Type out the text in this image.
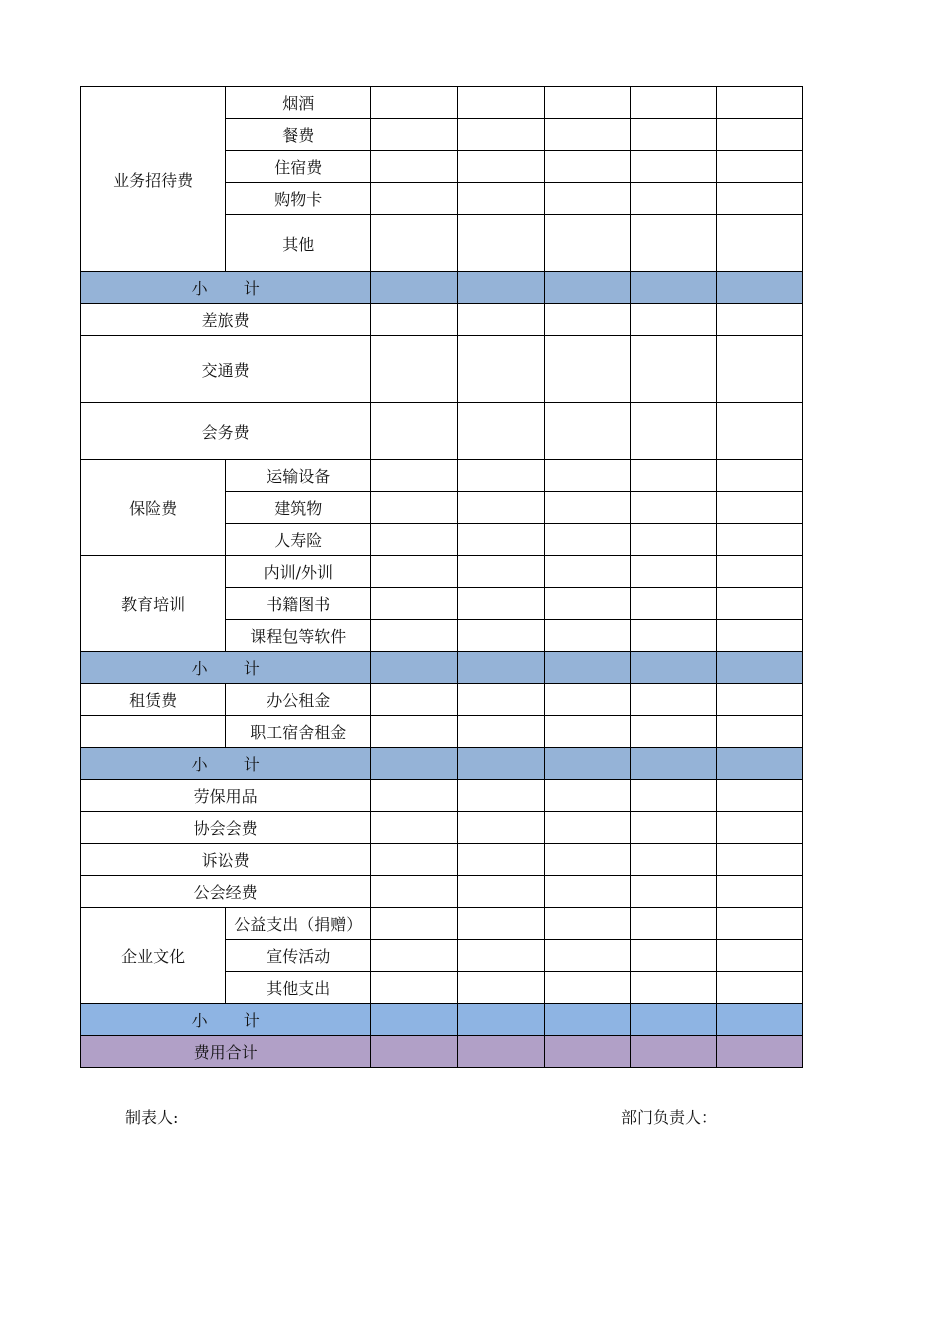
业务招待费	烟酒					
	餐费					
	住宿费					
	购物卡					
	其他					
小 计						
差旅费						
交通费						
会务费						
保险费	运输设备					
	建筑物					
	人寿险					
教育培训	内训/外训					
	书籍图书					
	课程包等软件					
小 计						
租赁费	办公租金					
	职工宿舍租金					
小 计						
劳保用品						
协会会费						
诉讼费						
公会经费						
企业文化	公益支出（捐赠）					
	宣传活动					
	其他支出					
小 计						
费用合计						
制表人:	部门负责人：
